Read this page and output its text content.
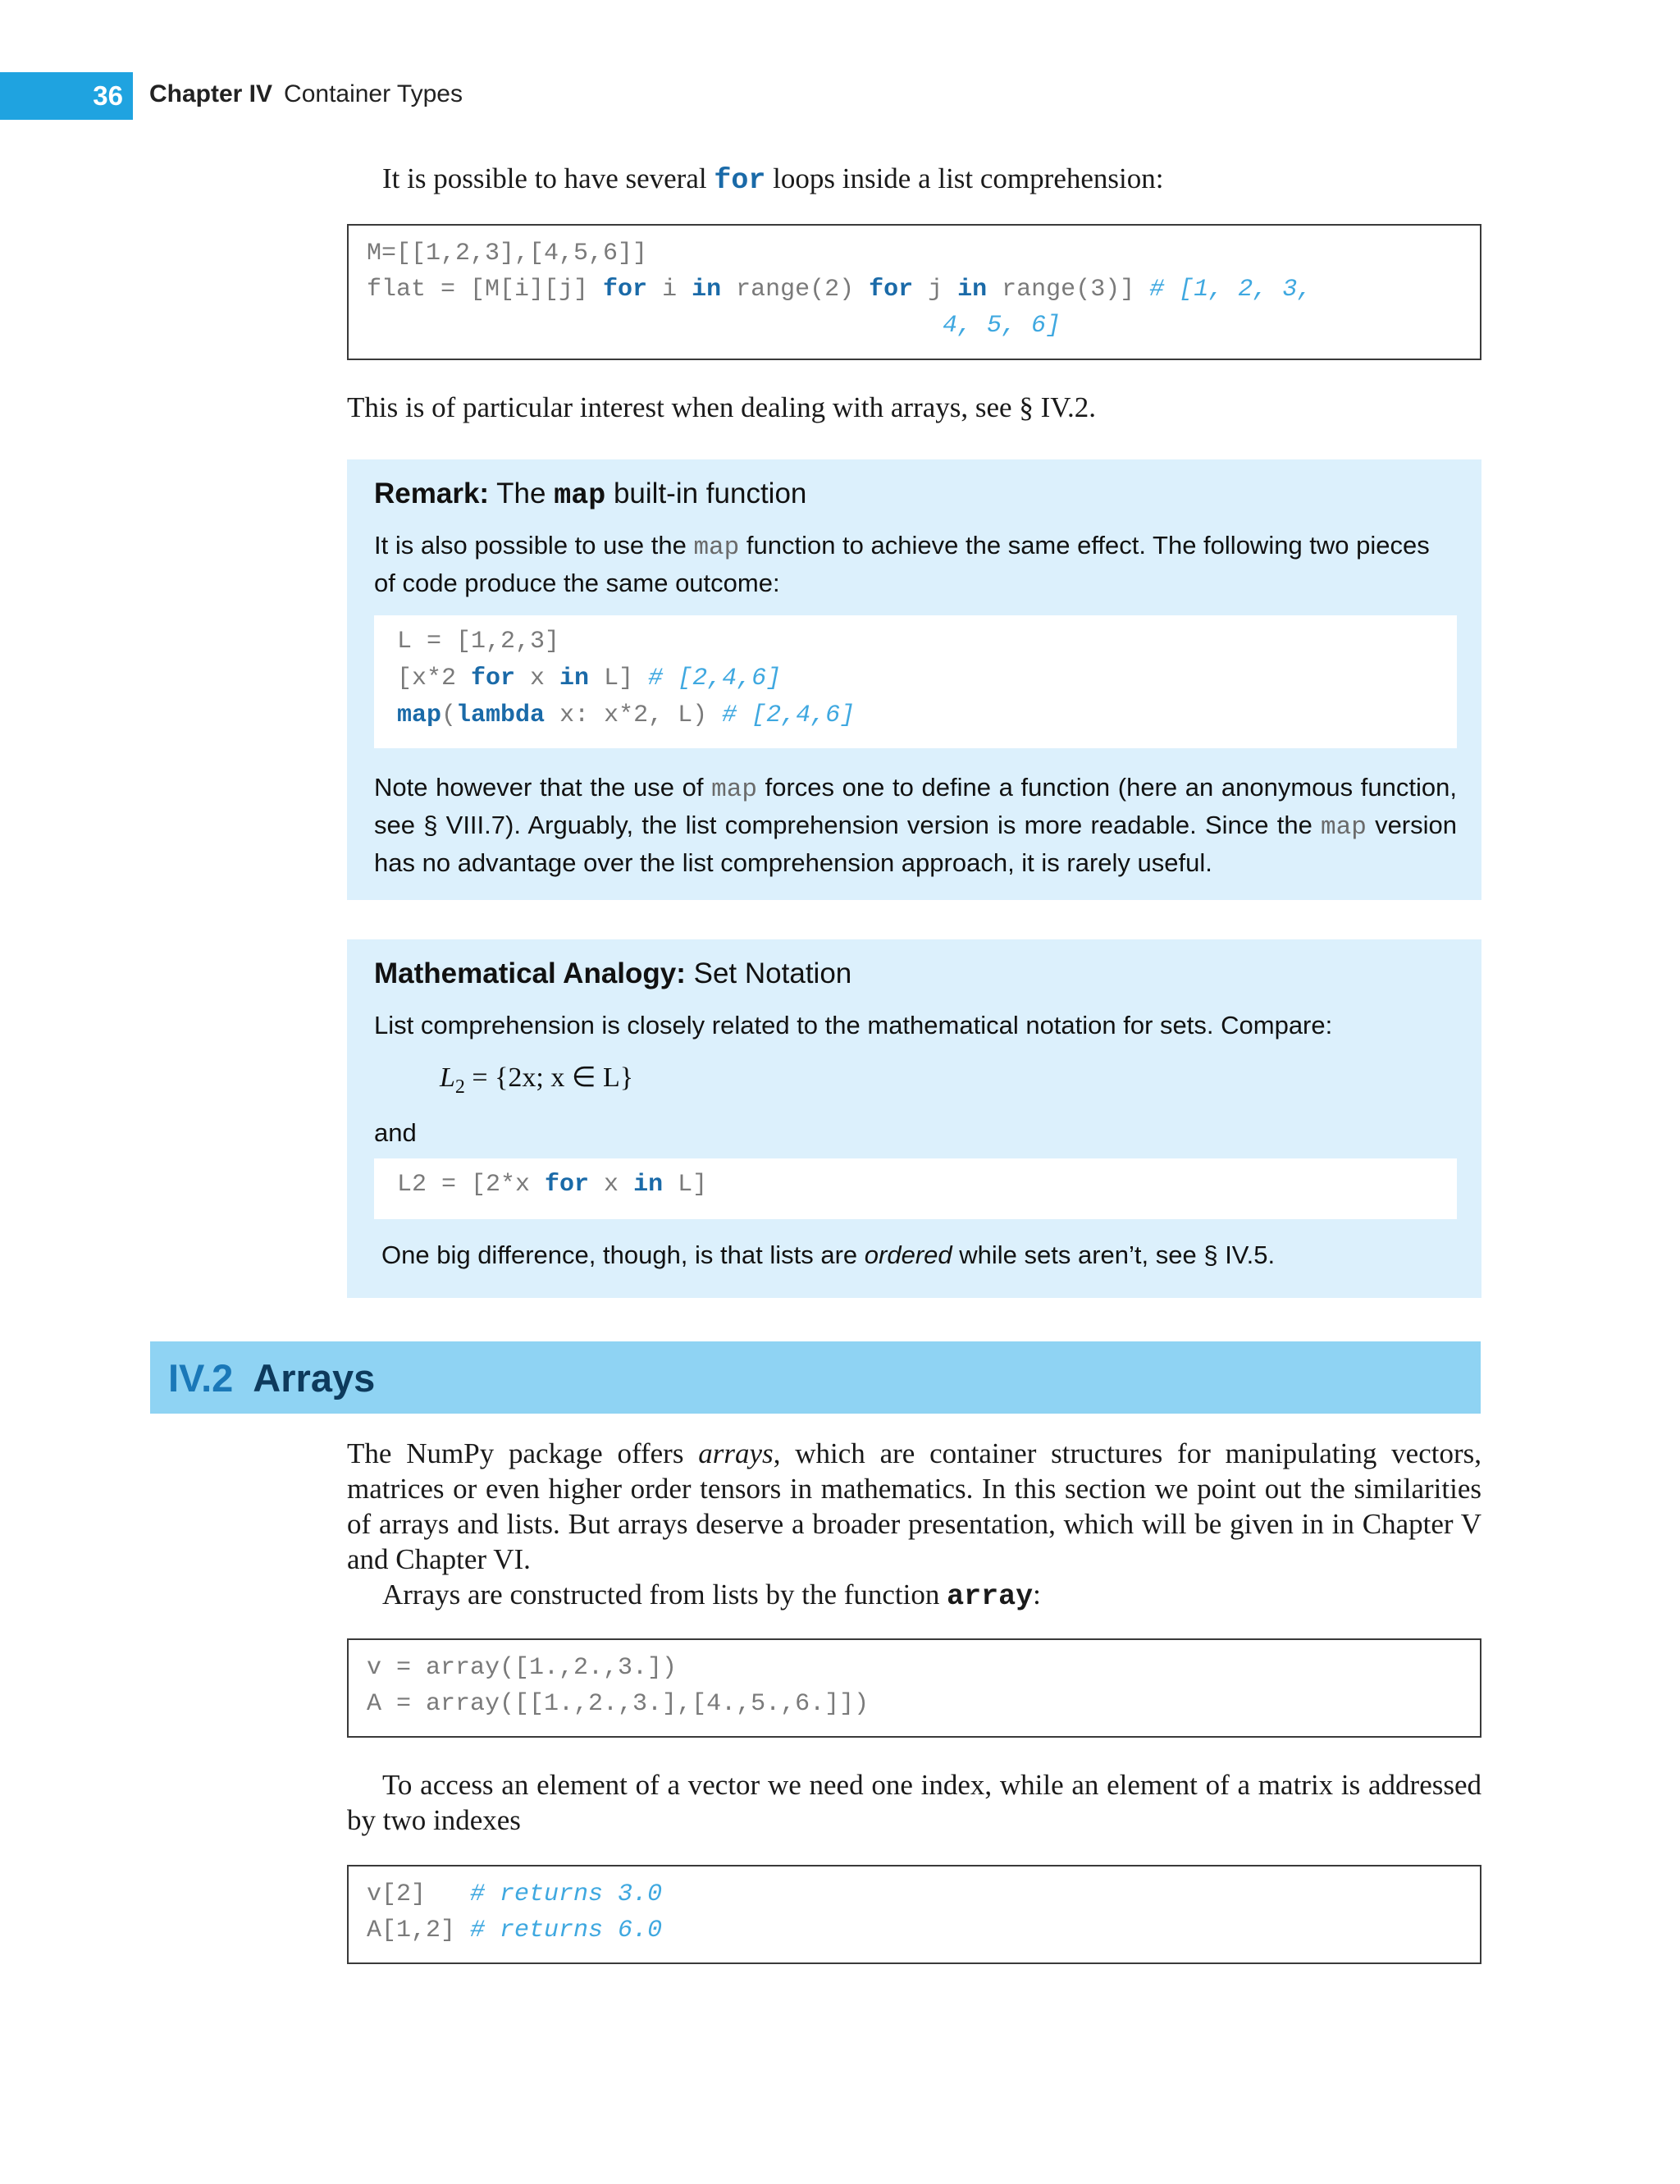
36	Chapter IV Container Types
It is possible to have several for loops inside a list comprehension:
M=[[1,2,3],[4,5,6]]
flat = [M[i][j] for i in range(2) for j in range(3)] # [1, 2, 3,
4, 5, 6]
This is of particular interest when dealing with arrays, see § IV.2.
Remark: The map built-in function
It is also possible to use the map function to achieve the same effect. The following two pieces of code produce the same outcome:
L = [1,2,3]
[x*2 for x in L] # [2,4,6]
map(lambda x: x*2, L) # [2,4,6]
Note however that the use of map forces one to define a function (here an anonymous function, see § VIII.7). Arguably, the list comprehension version is more readable. Since the map version has no advantage over the list comprehension approach, it is rarely useful.
Mathematical Analogy: Set Notation
List comprehension is closely related to the mathematical notation for sets. Compare:
$L_2 = \{2x$; x ∈ L}
and
L2 = [2*x for x in L]
One big difference, though, is that lists are ordered while sets aren’t, see § IV.5.
IV.2 Arrays
The NumPy package offers arrays, which are container structures for manipulating vectors, matrices or even higher order tensors in mathematics. In this section we point out the similarities of arrays and lists. But arrays deserve a broader presentation, which will be given in in Chapter V and Chapter VI.
Arrays are constructed from lists by the function array:
v = array([1.,2.,3.])
A = array([[1.,2.,3.],[4.,5.,6.]])
To access an element of a vector we need one index, while an element of a matrix is addressed by two indexes
v[2]   # returns 3.0
A[1,2] # returns 6.0
